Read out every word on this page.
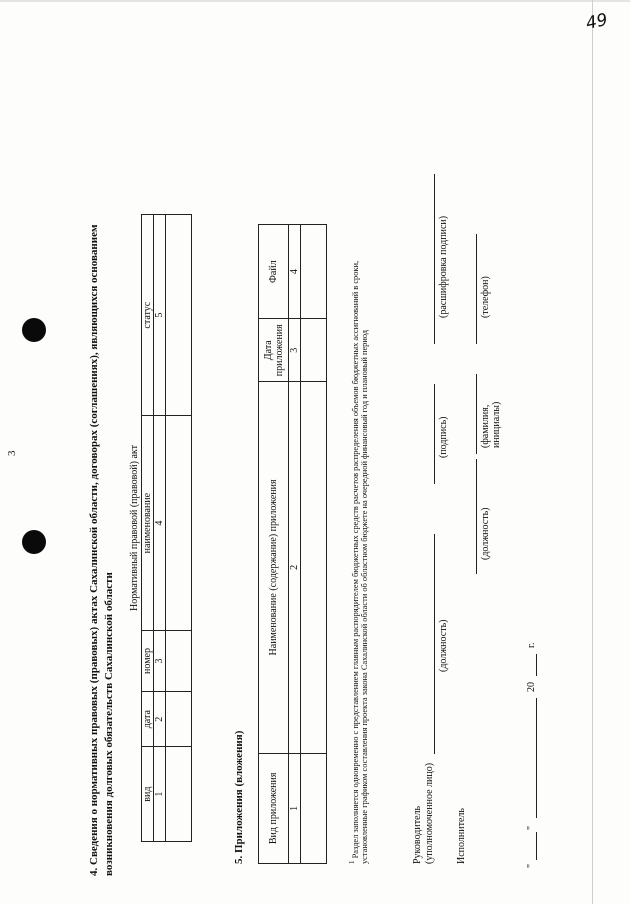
49
3	4. Сведения о нормативных правовых (правовых) актах Сахалинской области, договорах (соглашениях), являющихся основанием возникновения долговых обязательств Сахалинской области
Нормативный правовой (правовой) акт				
вид	дата	номер	наименование	статус
1	2	3	4	5

5. Приложения (вложения) Вид приложения	Наименование (содержание) приложения	Дата приложения	Файл
1	2	3	4

$^1$ Раздел заполняется одновременно с представлением главным распорядителем бюджетных средств расчетов распределения объемов бюджетных ассигнований в сроки, установленные графиком составления проекта закона Сахалинской области об областном бюджете на очередной финансовый год и плановый период	Руководитель (уполномоченное лицо)
(должность)
(подпись)
(расшифровка подписи)
Исполнитель
(должность)
(фамилия, инициалы)
(телефон)
"
"
20
г.
